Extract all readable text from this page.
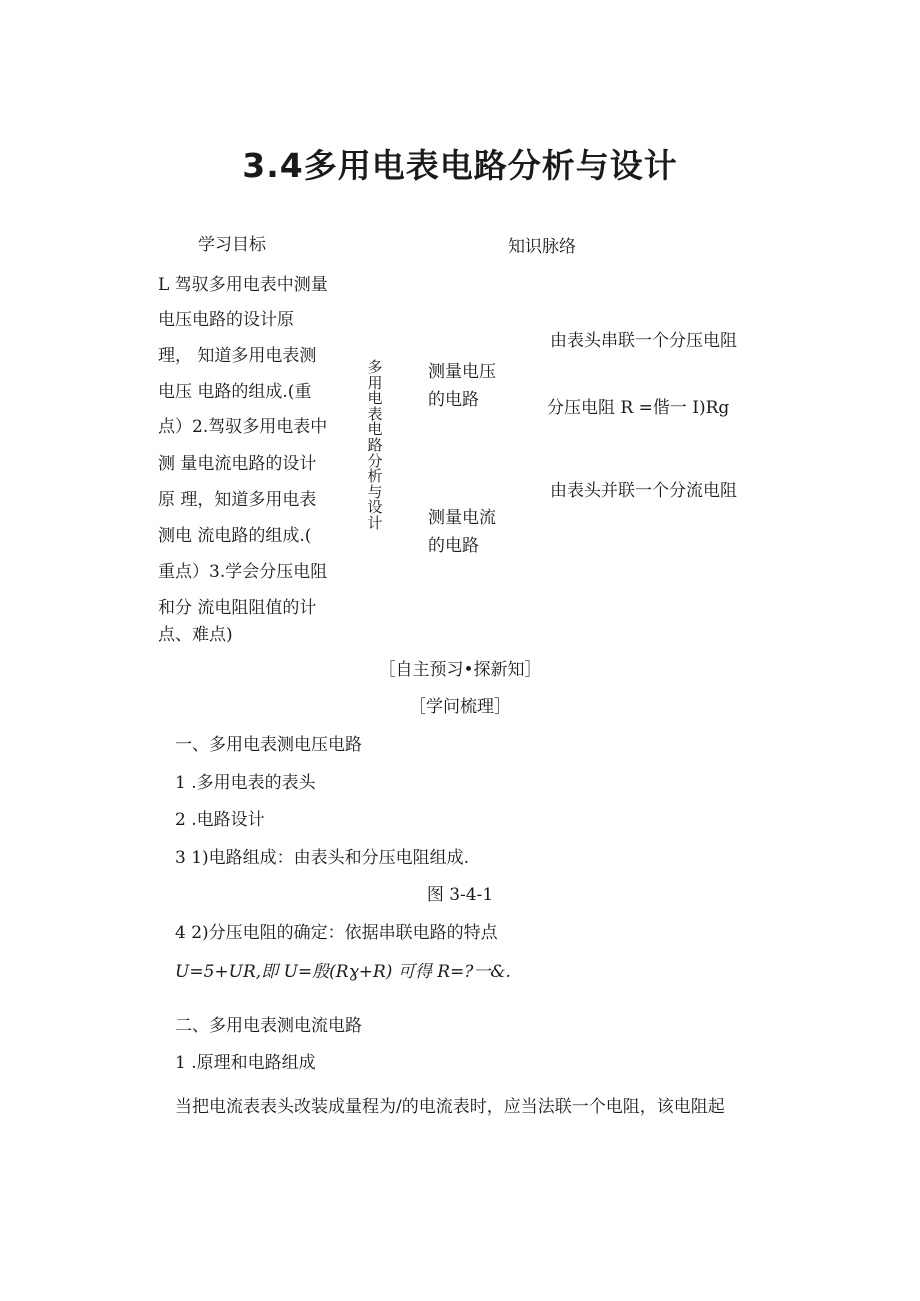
3.4多用电表电路分析与设计
学习目标	知识脉络
L 驾驭多用电表中测量
电压电路的设计原
理， 知道多用电表测
电压 电路的组成.(重
点）2.驾驭多用电表中
测 量电流电路的设计
原 理，知道多用电表
测电 流电路的组成.(
重点）3.学会分压电阻
和分 流电阻阻值的计
点、难点)
多用电表电路分析与设计
测量电压
的电路
由表头串联一个分压电阻
分压电阻 R =偕一 I)Rg
测量电流
的电路
由表头并联一个分流电阻
［自主预习•探新知］
［学问梳理］
一、多用电表测电压电路
1 .多用电表的表头
2 .电路设计
3 1)电路组成：由表头和分压电阻组成.
图 3-4-1
4 2)分压电阻的确定：依据串联电路的特点
U=5+UR,即 U=殷(Rɣ+R) 可得 R=?一&.
二、多用电表测电流电路
1 .原理和电路组成
当把电流表表头改装成量程为/的电流表时，应当法联一个电阻，该电阻起
